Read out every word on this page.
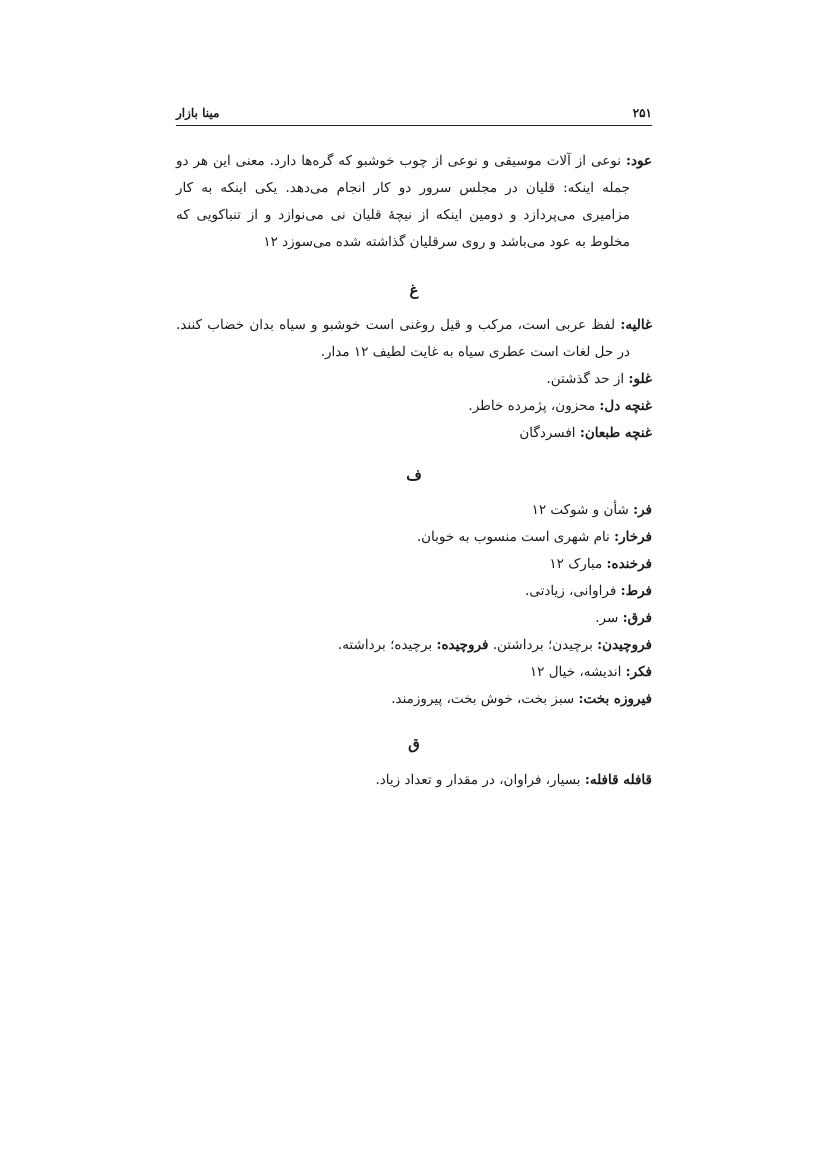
۲۵۱
مینا بازار

عود: نوعی از آلات موسیقی و نوعی از چوب خوشبو که گره‌ها دارد. معنی این هر دو جمله اینکه: قلیان در مجلس سرور دو کار انجام می‌دهد. یکی اینکه به کار مزامیری می‌پردازد و دومین اینکه از نیچهٔ قلیان نی می‌نوازد و از تنباکویی که مخلوط به عود می‌باشد و روی سرقلیان گذاشته شده می‌سوزد ۱۲

غ

غالیه: لفظ عربی است، مرکب و قیل روغنی است خوشبو و سیاه بدان خضاب کنند. در حل لغات است عطری سیاه به غایت لطیف ۱۲ مدار.

غلو: از حد گذشتن.

غنچه دل: محزون، پژمرده خاطر.

غنچه طبعان: افسردگان

ف

فر: شأن و شوکت ۱۲

فرخار: نام شهری است منسوب به خوبان.

فرخنده: مبارک ۱۲

فرط: فراوانی، زیادتی.

فرق: سر.

فروچیدن: برچیدن؛ برداشتن. فروچیده: برچیده؛ برداشته.

فکر: اندیشه، خیال ۱۲

فیروزه بخت: سبز بخت، خوش بخت، پیروزمند.

ق

قافله قافله: بسیار، فراوان، در مقدار و تعداد زیاد.
